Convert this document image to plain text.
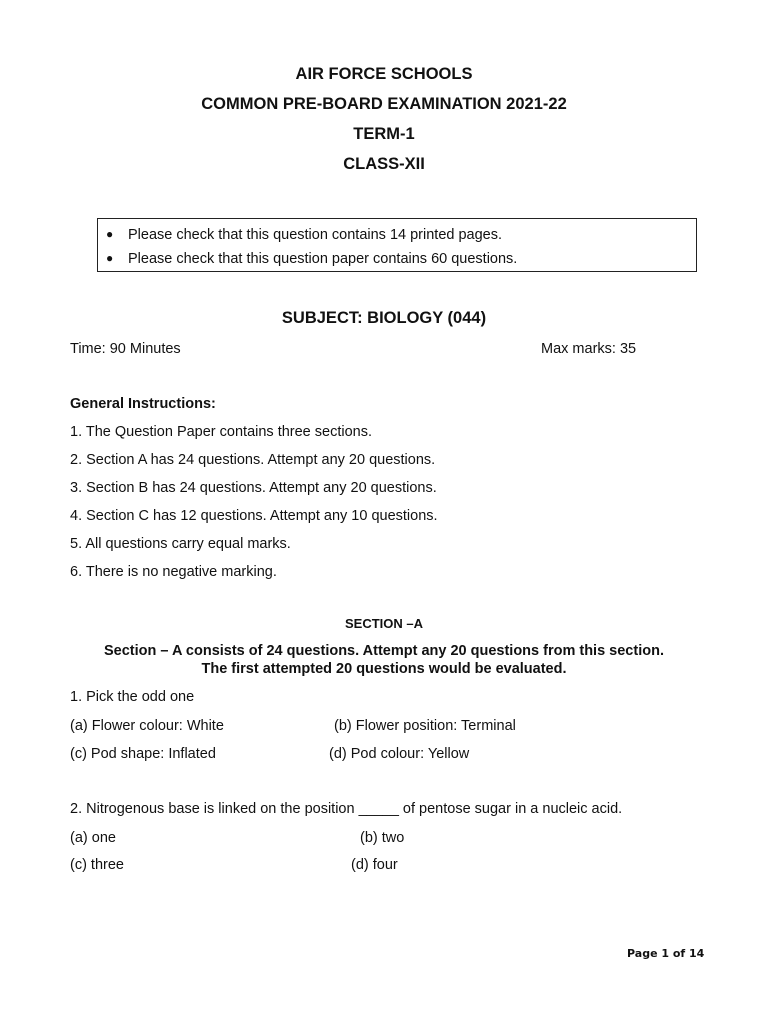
AIR FORCE SCHOOLS
COMMON PRE-BOARD EXAMINATION 2021-22
TERM-1
CLASS-XII
● Please check that this question contains 14 printed pages.
● Please check that this question paper contains 60 questions.
SUBJECT: BIOLOGY (044)
Time: 90 Minutes	Max marks: 35
General Instructions:
1. The Question Paper contains three sections.
2. Section A has 24 questions. Attempt any 20 questions.
3. Section B has 24 questions. Attempt any 20 questions.
4. Section C has 12 questions. Attempt any 10 questions.
5. All questions carry equal marks.
6. There is no negative marking.
SECTION –A
Section – A consists of 24 questions. Attempt any 20 questions from this section.
The first attempted 20 questions would be evaluated.
1. Pick the odd one
(a) Flower colour: White	(b) Flower position: Terminal
(c) Pod shape: Inflated	(d) Pod colour: Yellow
2. Nitrogenous base is linked on the position _____ of pentose sugar in a nucleic acid.
(a) one	(b) two
(c) three	(d) four
Page 1 of 14
